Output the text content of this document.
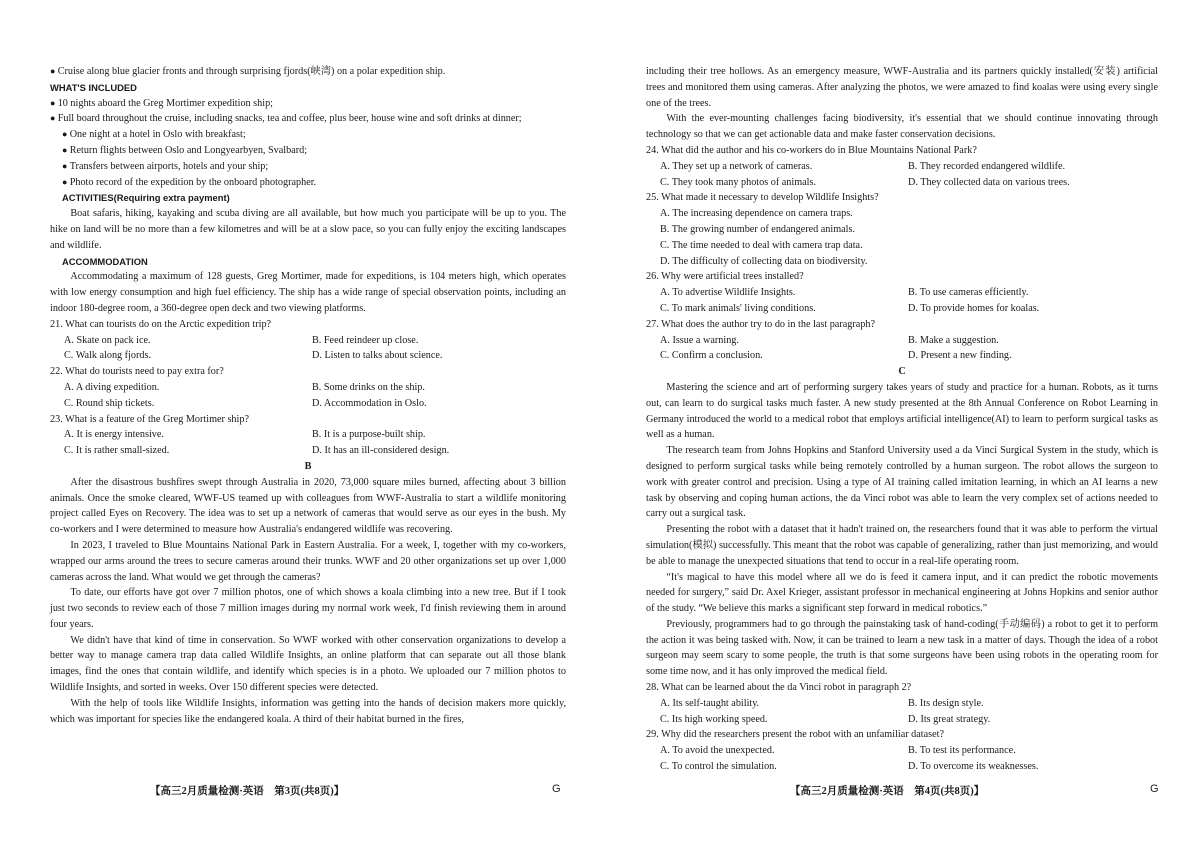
● Cruise along blue glacier fronts and through surprising fjords(峡湾) on a polar expedition ship.

WHAT'S INCLUDED

● 10 nights aboard the Greg Mortimer expedition ship;

● Full board throughout the cruise, including snacks, tea and coffee, plus beer, house wine and soft drinks at dinner;

● One night at a hotel in Oslo with breakfast;

● Return flights between Oslo and Longyearbyen, Svalbard;

● Transfers between airports, hotels and your ship;

● Photo record of the expedition by the onboard photographer.

ACTIVITIES(Requiring extra payment)

Boat safaris, hiking, kayaking and scuba diving are all available, but how much you participate will be up to you. The hike on land will be no more than a few kilometres and will be at a slow pace, so you can fully enjoy the exciting landscapes and wildlife.

ACCOMMODATION

Accommodating a maximum of 128 guests, Greg Mortimer, made for expeditions, is 104 meters high, which operates with low energy consumption and high fuel efficiency. The ship has a wide range of special observation points, including an indoor 180-degree room, a 360-degree open deck and two viewing platforms.

21. What can tourists do on the Arctic expedition trip?

A. Skate on pack ice.	B. Feed reindeer up close.
C. Walk along fjords.	D. Listen to talks about science.

22. What do tourists need to pay extra for?

A. A diving expedition.	B. Some drinks on the ship.
C. Round ship tickets.	D. Accommodation in Oslo.

23. What is a feature of the Greg Mortimer ship?

A. It is energy intensive.	B. It is a purpose-built ship.
C. It is rather small-sized.	D. It has an ill-considered design.

B

After the disastrous bushfires swept through Australia in 2020, 73,000 square miles burned, affecting about 3 billion animals. Once the smoke cleared, WWF-US teamed up with colleagues from WWF-Australia to start a wildlife monitoring project called Eyes on Recovery. The idea was to set up a network of cameras that would serve as our eyes in the bush. My co-workers and I were determined to measure how Australia's endangered wildlife was recovering.

In 2023, I traveled to Blue Mountains National Park in Eastern Australia. For a week, I, together with my co-workers, wrapped our arms around the trees to secure cameras around their trunks. WWF and 20 other organizations set up over 1,000 cameras across the land. What would we get through the cameras?

To date, our efforts have got over 7 million photos, one of which shows a koala climbing into a new tree. But if I took just two seconds to review each of those 7 million images during my normal work week, I'd finish reviewing them in around four years.

We didn't have that kind of time in conservation. So WWF worked with other conservation organizations to develop a better way to manage camera trap data called Wildlife Insights, an online platform that can separate out all those blank images, find the ones that contain wildlife, and identify which species is in a photo. We uploaded our 7 million photos to Wildlife Insights, and sorted in weeks. Over 150 different species were detected.

With the help of tools like Wildlife Insights, information was getting into the hands of decision makers more quickly, which was important for species like the endangered koala. A third of their habitat burned in the fires,

【高三2月质量检测·英语　第3页(共8页)】	G

including their tree hollows. As an emergency measure, WWF-Australia and its partners quickly installed(安装) artificial trees and monitored them using cameras. After analyzing the photos, we were amazed to find koalas were using every single one of the trees.

With the ever-mounting challenges facing biodiversity, it's essential that we should continue innovating through technology so that we can get actionable data and make faster conservation decisions.

24. What did the author and his co-workers do in Blue Mountains National Park?

A. They set up a network of cameras.	B. They recorded endangered wildlife.
C. They took many photos of animals.	D. They collected data on various trees.

25. What made it necessary to develop Wildlife Insights?

A. The increasing dependence on camera traps.
B. The growing number of endangered animals.
C. The time needed to deal with camera trap data.
D. The difficulty of collecting data on biodiversity.

26. Why were artificial trees installed?

A. To advertise Wildlife Insights.	B. To use cameras efficiently.
C. To mark animals' living conditions.	D. To provide homes for koalas.

27. What does the author try to do in the last paragraph?

A. Issue a warning.	B. Make a suggestion.
C. Confirm a conclusion.	D. Present a new finding.

C

Mastering the science and art of performing surgery takes years of study and practice for a human. Robots, as it turns out, can learn to do surgical tasks much faster. A new study presented at the 8th Annual Conference on Robot Learning in Germany introduced the world to a medical robot that employs artificial intelligence(AI) to learn to perform surgical tasks as well as a human.

The research team from Johns Hopkins and Stanford University used a da Vinci Surgical System in the study, which is designed to perform surgical tasks while being remotely controlled by a human surgeon. The robot allows the surgeon to work with greater control and precision. Using a type of AI training called imitation learning, in which an AI learns a new task by observing and coping human actions, the da Vinci robot was able to learn the very complex set of actions needed to carry out a surgical task.

Presenting the robot with a dataset that it hadn't trained on, the researchers found that it was able to perform the virtual simulation(模拟) successfully. This meant that the robot was capable of generalizing, rather than just memorizing, and would be able to manage the unexpected situations that tend to occur in a real-life operating room.

“It's magical to have this model where all we do is feed it camera input, and it can predict the robotic movements needed for surgery,” said Dr. Axel Krieger, assistant professor in mechanical engineering at Johns Hopkins and senior author of the study. “We believe this marks a significant step forward in medical robotics.”

Previously, programmers had to go through the painstaking task of hand-coding(手动编码) a robot to get it to perform the action it was being tasked with. Now, it can be trained to learn a new task in a matter of days. Though the idea of a robot surgeon may seem scary to some people, the truth is that some surgeons have been using robots in the operating room for some time now, and it has only improved the medical field.

28. What can be learned about the da Vinci robot in paragraph 2?

A. Its self-taught ability.	B. Its design style.
C. Its high working speed.	D. Its great strategy.

29. Why did the researchers present the robot with an unfamiliar dataset?

A. To avoid the unexpected.	B. To test its performance.
C. To control the simulation.	D. To overcome its weaknesses.
【高三2月质量检测·英语　第4页(共8页)】	G
